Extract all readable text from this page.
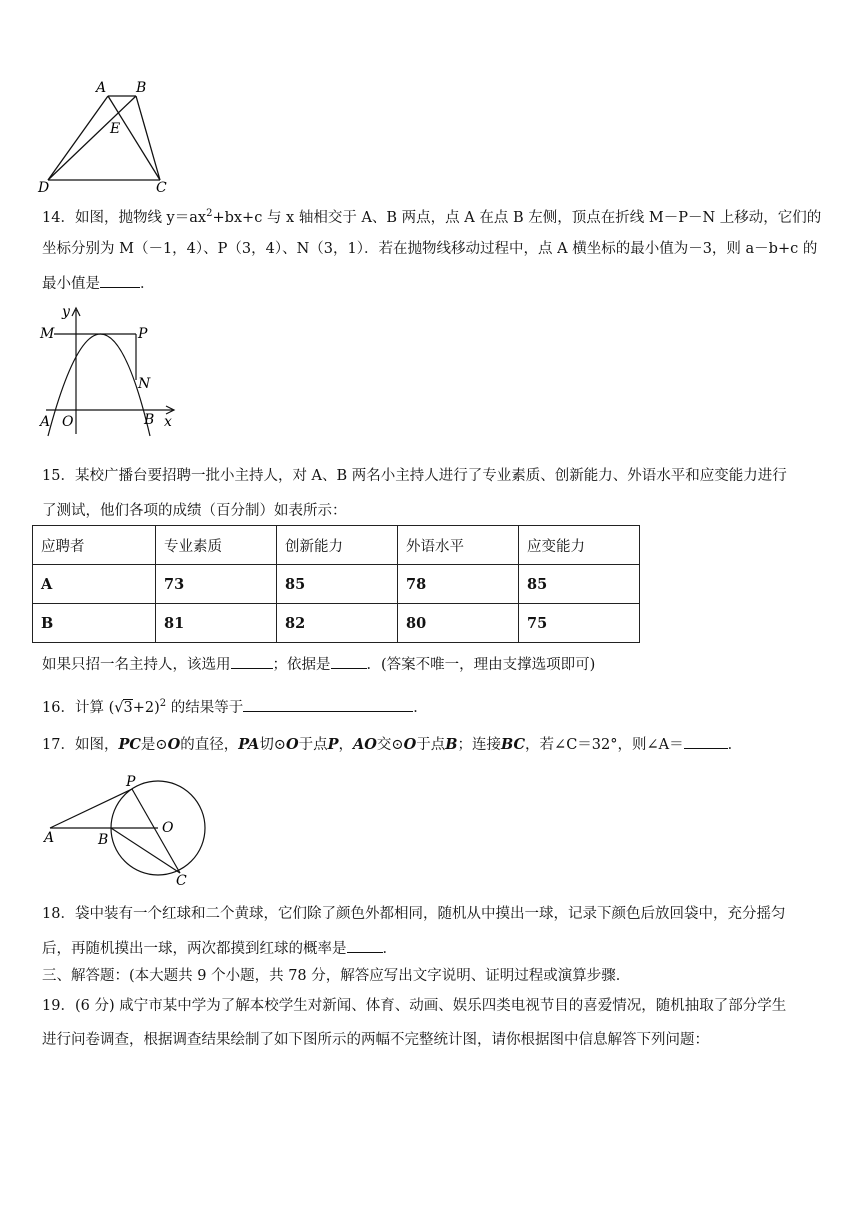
A B
E
D	C
14．如图，抛物线 $y=ax^2+bx+c$ 与 x 轴相交于 A、B 两点，点 A 在点 B 左侧，顶点在折线 M－P－N 上移动，它们的
坐标分别为 M（－1，4）、P（3，4）、N（3，1）．若在抛物线移动过程中，点 A 横坐标的最小值为－3，则 a－b+c 的
最小值是	．
y
M	P
N
A O	B x
15．某校广播台要招聘一批小主持人，对 A、B 两名小主持人进行了专业素质、创新能力、外语水平和应变能力进行
了测试，他们各项的成绩（百分制）如表所示：
应聘者	专业素质	创新能力	外语水平	应变能力
A	73	85	78	85
B	81	82	80	75
如果只招一名主持人，该选用	；依据是 ．(答案不唯一，理由支撑选项即可)
16．计算 $(√3+2)^2$ 的结果等于	．
17．如图，PC是⊙O的直径，PA切⊙O于点P，AO交⊙O于点B；连接BC，若∠C＝32°，则∠A＝	．
P
O
A	B
C
18．袋中装有一个红球和二个黄球，它们除了颜色外都相同，随机从中摸出一球，记录下颜色后放回袋中，充分摇匀
后，再随机摸出一球，两次都摸到红球的概率是 ．
三、解答题：(本大题共 9 个小题，共 78 分，解答应写出文字说明、证明过程或演算步骤．
19．(6 分) 咸宁市某中学为了解本校学生对新闻、体育、动画、娱乐四类电视节目的喜爱情况，随机抽取了部分学生
进行问卷调查，根据调查结果绘制了如下图所示的两幅不完整统计图，请你根据图中信息解答下列问题：
